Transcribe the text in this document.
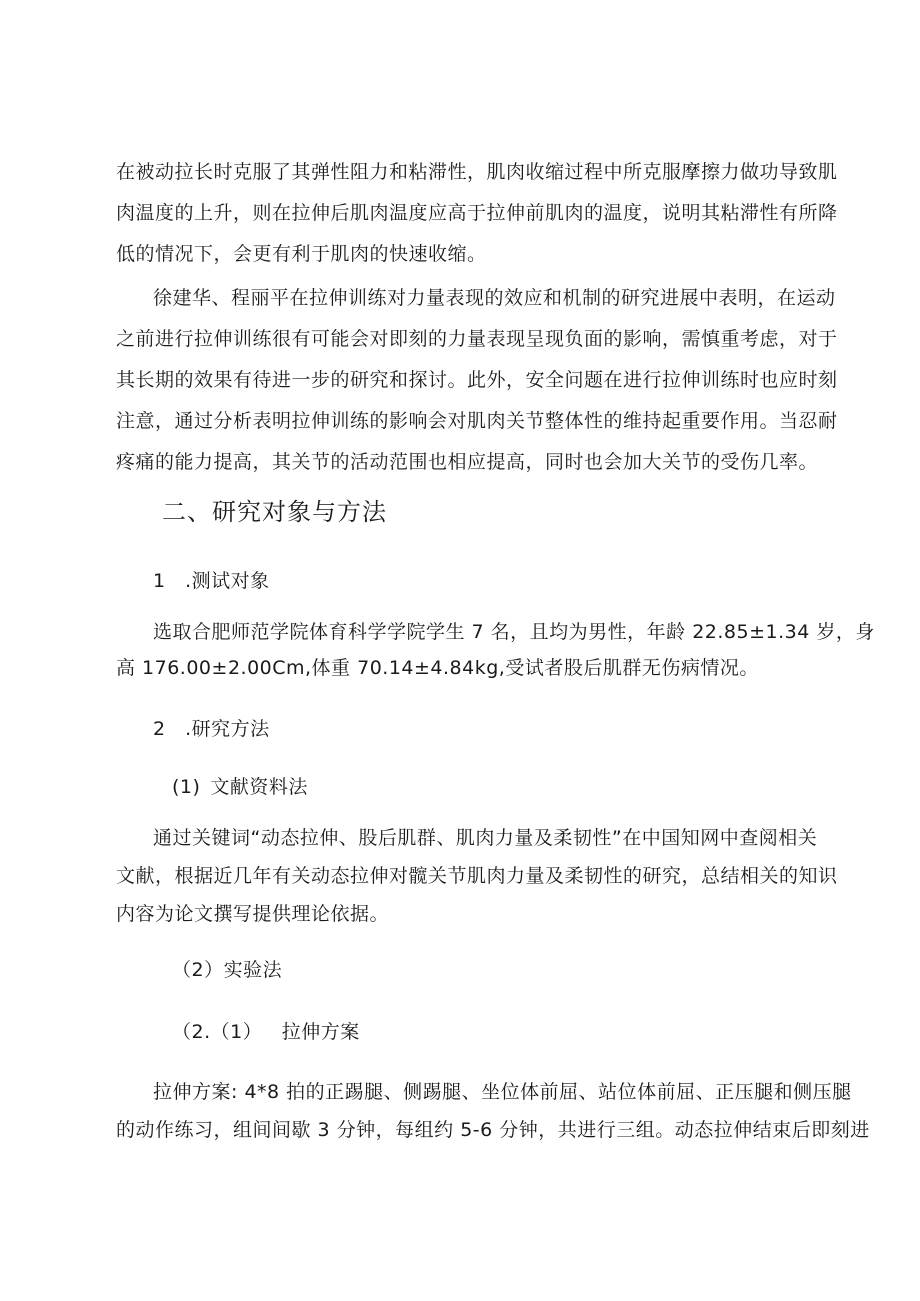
在被动拉长时克服了其弹性阻力和粘滞性，肌肉收缩过程中所克服摩擦力做功导致肌
肉温度的上升，则在拉伸后肌肉温度应高于拉伸前肌肉的温度，说明其粘滞性有所降
低的情况下，会更有利于肌肉的快速收缩。
徐建华、程丽平在拉伸训练对力量表现的效应和机制的研究进展中表明，在运动
之前进行拉伸训练很有可能会对即刻的力量表现呈现负面的影响，需慎重考虑，对于
其长期的效果有待进一步的研究和探讨。此外，安全问题在进行拉伸训练时也应时刻
注意，通过分析表明拉伸训练的影响会对肌肉关节整体性的维持起重要作用。当忍耐
疼痛的能力提高，其关节的活动范围也相应提高，同时也会加大关节的受伤几率。
二、研究对象与方法
1 .测试对象
选取合肥师范学院体育科学学院学生 7 名，且均为男性，年龄 22.85±1.34 岁，身
高 176.00±2.00Cm,体重 70.14±4.84kg,受试者股后肌群无伤病情况。
2 .研究方法
(1) 文献资料法
通过关键词“动态拉伸、股后肌群、肌肉力量及柔韧性”在中国知网中查阅相关
文献，根据近几年有关动态拉伸对髋关节肌肉力量及柔韧性的研究，总结相关的知识
内容为论文撰写提供理论依据。
（2）实验法
（2.（1） 拉伸方案
拉伸方案: 4*8 拍的正踢腿、侧踢腿、坐位体前屈、站位体前屈、正压腿和侧压腿
的动作练习，组间间歇 3 分钟，每组约 5-6 分钟，共进行三组。动态拉伸结束后即刻进
